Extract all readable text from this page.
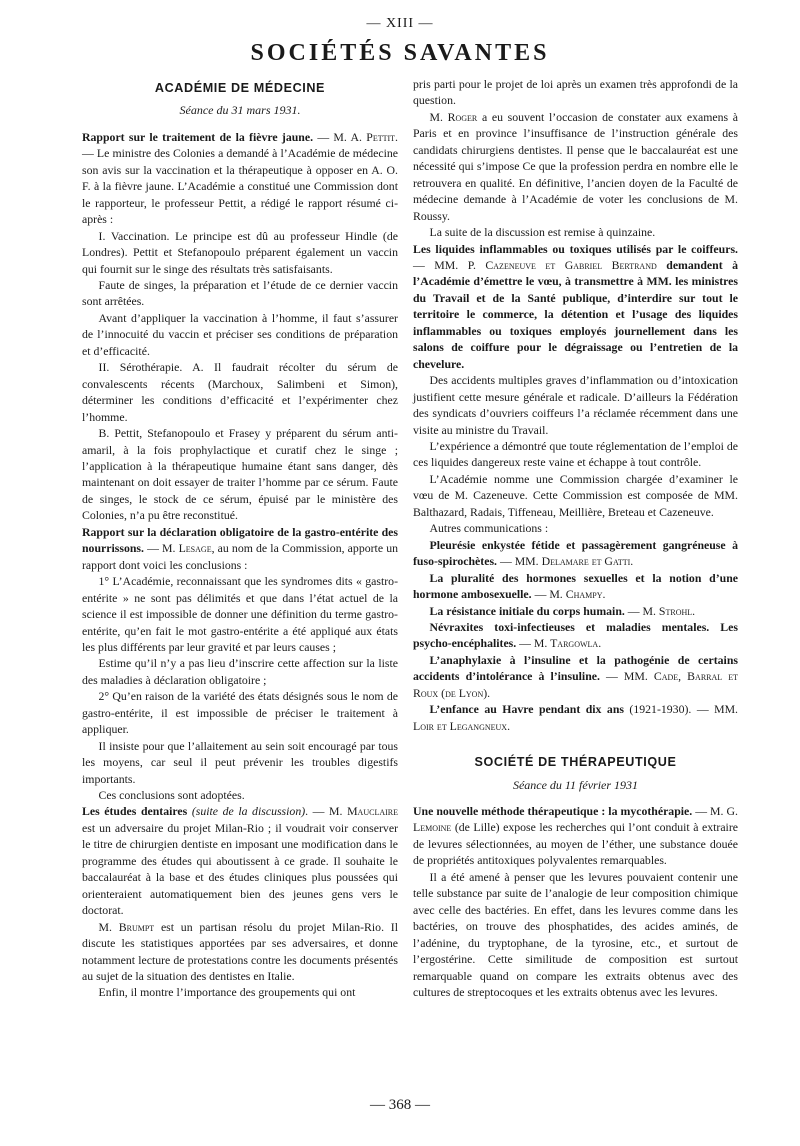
— XIII —
SOCIÉTÉS SAVANTES
ACADÉMIE DE MÉDECINE
Séance du 31 mars 1931.

Rapport sur le traitement de la fièvre jaune. — M. A. Pettit. — Le ministre des Colonies a demandé à l’Académie de médecine son avis sur la vaccination et la thérapeutique à opposer en A. O. F. à la fièvre jaune. L’Académie a constitué une Commission dont le rapporteur, le professeur Pettit, a rédigé le rapport résumé ci-après :

I. Vaccination. Le principe est dû au professeur Hindle (de Londres). Pettit et Stefanopoulo préparent également un vaccin qui fournit sur le singe des résultats très satisfaisants.

Faute de singes, la préparation et l’étude de ce dernier vaccin sont arrêtées.

Avant d’appliquer la vaccination à l’homme, il faut s’assurer de l’innocuité du vaccin et préciser ses conditions de préparation et d’efficacité.

II. Sérothérapie. A. Il faudrait récolter du sérum de convalescents récents (Marchoux, Salimbeni et Simon), déterminer les conditions d’efficacité et l’expérimenter chez l’homme.

B. Pettit, Stefanopoulo et Frasey y préparent du sérum anti-amaril, à la fois prophylactique et curatif chez le singe ; l’application à la thérapeutique humaine étant sans danger, dès maintenant on doit essayer de traiter l’homme par ce sérum. Faute de singes, le stock de ce sérum, épuisé par le ministère des Colonies, n’a pu être reconstitué.

Rapport sur la déclaration obligatoire de la gastro-entérite des nourrissons. — M. Lesage, au nom de la Commission, apporte un rapport dont voici les conclusions :

1° L’Académie, reconnaissant que les syndromes dits « gastro-entérite » ne sont pas délimités et que dans l’état actuel de la science il est impossible de donner une définition du terme gastro-entérite, qu’en fait le mot gastro-entérite a été appliqué aux états les plus différents par leur gravité et par leurs causes ;

Estime qu’il n’y a pas lieu d’inscrire cette affection sur la liste des maladies à déclaration obligatoire ;

2° Qu’en raison de la variété des états désignés sous le nom de gastro-entérite, il est impossible de préciser le traitement à appliquer.

Il insiste pour que l’allaitement au sein soit encouragé par tous les moyens, car seul il peut prévenir les troubles digestifs importants.

Ces conclusions sont adoptées.

Les études dentaires (suite de la discussion). — M. Mauclaire est un adversaire du projet Milan-Rio ; il voudrait voir conserver le titre de chirurgien dentiste en imposant une modification dans le programme des études qui aboutissent à ce grade. Il souhaite le baccalauréat à la base et des études cliniques plus poussées qui orienteraient automatiquement bien des jeunes gens vers le doctorat.

M. Brumpt est un partisan résolu du projet Milan-Rio. Il discute les statistiques apportées par ses adversaires, et donne notamment lecture de protestations contre les documents présentés au sujet de la situation des dentistes en Italie.

Enfin, il montre l’importance des groupements qui ont

pris parti pour le projet de loi après un examen très approfondi de la question.

M. Roger a eu souvent l’occasion de constater aux examens à Paris et en province l’insuffisance de l’instruction générale des candidats chirurgiens dentistes. Il pense que le baccalauréat est une nécessité qui s’impose Ce que la profession perdra en nombre elle le retrouvera en qualité. En définitive, l’ancien doyen de la Faculté de médecine demande à l’Académie de voter les conclusions de M. Roussy.

La suite de la discussion est remise à quinzaine.

Les liquides inflammables ou toxiques utilisés par le coiffeurs. — MM. P. Cazeneuve et Gabriel Bertrand demandent à l’Académie d’émettre le vœu, à transmettre à MM. les ministres du Travail et de la Santé publique, d’interdire sur tout le territoire le commerce, la détention et l’usage des liquides inflammables ou toxiques employés journellement dans les salons de coiffure pour le dégraissage ou l’entretien de la chevelure.

Des accidents multiples graves d’inflammation ou d’intoxication justifient cette mesure générale et radicale. D’ailleurs la Fédération des syndicats d’ouvriers coiffeurs l’a réclamée récemment dans une visite au ministre du Travail.

L’expérience a démontré que toute réglementation de l’emploi de ces liquides dangereux reste vaine et échappe à tout contrôle.

L’Académie nomme une Commission chargée d’examiner le vœu de M. Cazeneuve. Cette Commission est composée de MM. Balthazard, Radais, Tiffeneau, Meillière, Breteau et Cazeneuve.

Autres communications :

Pleurésie enkystée fétide et passagèrement gangréneuse à fuso-spirochètes. — MM. Delamare et Gatti.

La pluralité des hormones sexuelles et la notion d’une hormone ambosexuelle. — M. Champy.

La résistance initiale du corps humain. — M. Strohl.

Névraxites toxi-infectieuses et maladies mentales. Les psycho-encéphalites. — M. Targowla.

L’anaphylaxie à l’insuline et la pathogénie de certains accidents d’intolérance à l’insuline. — MM. Cade, Barral et Roux (de Lyon).

L’enfance au Havre pendant dix ans (1921-1930). — MM. Loir et Legangneux.

SOCIÉTÉ DE THÉRAPEUTIQUE
Séance du 11 février 1931

Une nouvelle méthode thérapeutique : la mycothérapie. — M. G. Lemoine (de Lille) expose les recherches qui l’ont conduit à extraire de levures sélectionnées, au moyen de l’éther, une substance douée de propriétés antitoxiques polyvalentes remarquables.

Il a été amené à penser que les levures pouvaient contenir une telle substance par suite de l’analogie de leur composition chimique avec celle des bactéries. En effet, dans les levures comme dans les bactéries, on trouve des phosphatides, des acides aminés, de l’adénine, du tryptophane, de la tyrosine, etc., et surtout de l’ergostérine. Cette similitude de composition est surtout remarquable quand on compare les extraits obtenus avec des cultures de streptocoques et les extraits obtenus avec les levures.

— 368 —
